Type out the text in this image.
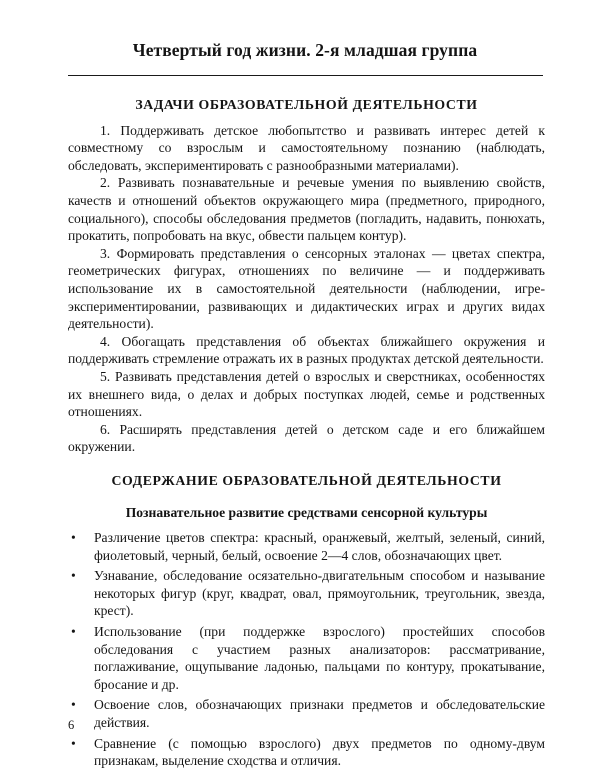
Четвертый год жизни. 2-я младшая группа
ЗАДАЧИ ОБРАЗОВАТЕЛЬНОЙ ДЕЯТЕЛЬНОСТИ

1. Поддерживать детское любопытство и развивать интерес детей к совместному со взрослым и самостоятельному познанию (наблюдать, обследовать, экспериментировать с разнообразными материалами).

2. Развивать познавательные и речевые умения по выявлению свойств, качеств и отношений объектов окружающего мира (предметного, природного, социального), способы обследования предметов (погладить, надавить, понюхать, прокатить, попробовать на вкус, обвести пальцем контур).

3. Формировать представления о сенсорных эталонах — цветах спектра, геометрических фигурах, отношениях по величине — и поддерживать использование их в самостоятельной деятельности (наблюдении, игре-экспериментировании, развивающих и дидактических играх и других видах деятельности).

4. Обогащать представления об объектах ближайшего окружения и поддерживать стремление отражать их в разных продуктах детской деятельности.

5. Развивать представления детей о взрослых и сверстниках, особенностях их внешнего вида, о делах и добрых поступках людей, семье и родственных отношениях.

6. Расширять представления детей о детском саде и его ближайшем окружении.

СОДЕРЖАНИЕ ОБРАЗОВАТЕЛЬНОЙ ДЕЯТЕЛЬНОСТИ
Познавательное развитие средствами сенсорной культуры
• Различение цветов спектра: красный, оранжевый, желтый, зеленый, синий, фиолетовый, черный, белый, освоение 2—4 слов, обозначающих цвет.
• Узнавание, обследование осязательно-двигательным способом и называние некоторых фигур (круг, квадрат, овал, прямоугольник, треугольник, звезда, крест).
• Использование (при поддержке взрослого) простейших способов обследования с участием разных анализаторов: рассматривание, поглаживание, ощупывание ладонью, пальцами по контуру, прокатывание, бросание и др.
• Освоение слов, обозначающих признаки предметов и обследовательские действия.
• Сравнение (с помощью взрослого) двух предметов по одному-двум признакам, выделение сходства и отличия.
6
